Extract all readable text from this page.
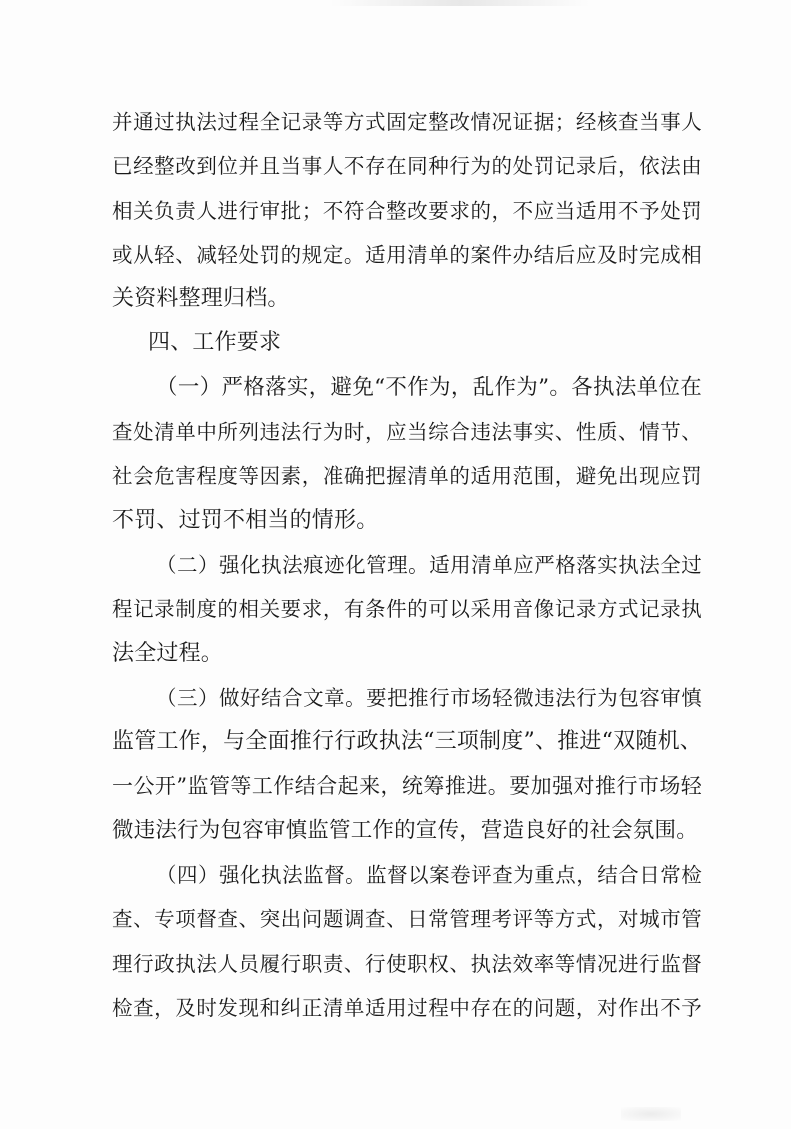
并通过执法过程全记录等方式固定整改情况证据；经核查当事人
已经整改到位并且当事人不存在同种行为的处罚记录后，依法由
相关负责人进行审批；不符合整改要求的，不应当适用不予处罚
或从轻、减轻处罚的规定。适用清单的案件办结后应及时完成相
关资料整理归档。
四、工作要求
（一）严格落实，避免“不作为，乱作为”。各执法单位在
查处清单中所列违法行为时，应当综合违法事实、性质、情节、
社会危害程度等因素，准确把握清单的适用范围，避免出现应罚
不罚、过罚不相当的情形。
（二）强化执法痕迹化管理。适用清单应严格落实执法全过
程记录制度的相关要求，有条件的可以采用音像记录方式记录执
法全过程。
（三）做好结合文章。要把推行市场轻微违法行为包容审慎
监管工作，与全面推行行政执法“三项制度”、推进“双随机、
一公开”监管等工作结合起来，统筹推进。要加强对推行市场轻
微违法行为包容审慎监管工作的宣传，营造良好的社会氛围。
（四）强化执法监督。监督以案卷评查为重点，结合日常检
查、专项督查、突出问题调查、日常管理考评等方式，对城市管
理行政执法人员履行职责、行使职权、执法效率等情况进行监督
检查，及时发现和纠正清单适用过程中存在的问题，对作出不予
